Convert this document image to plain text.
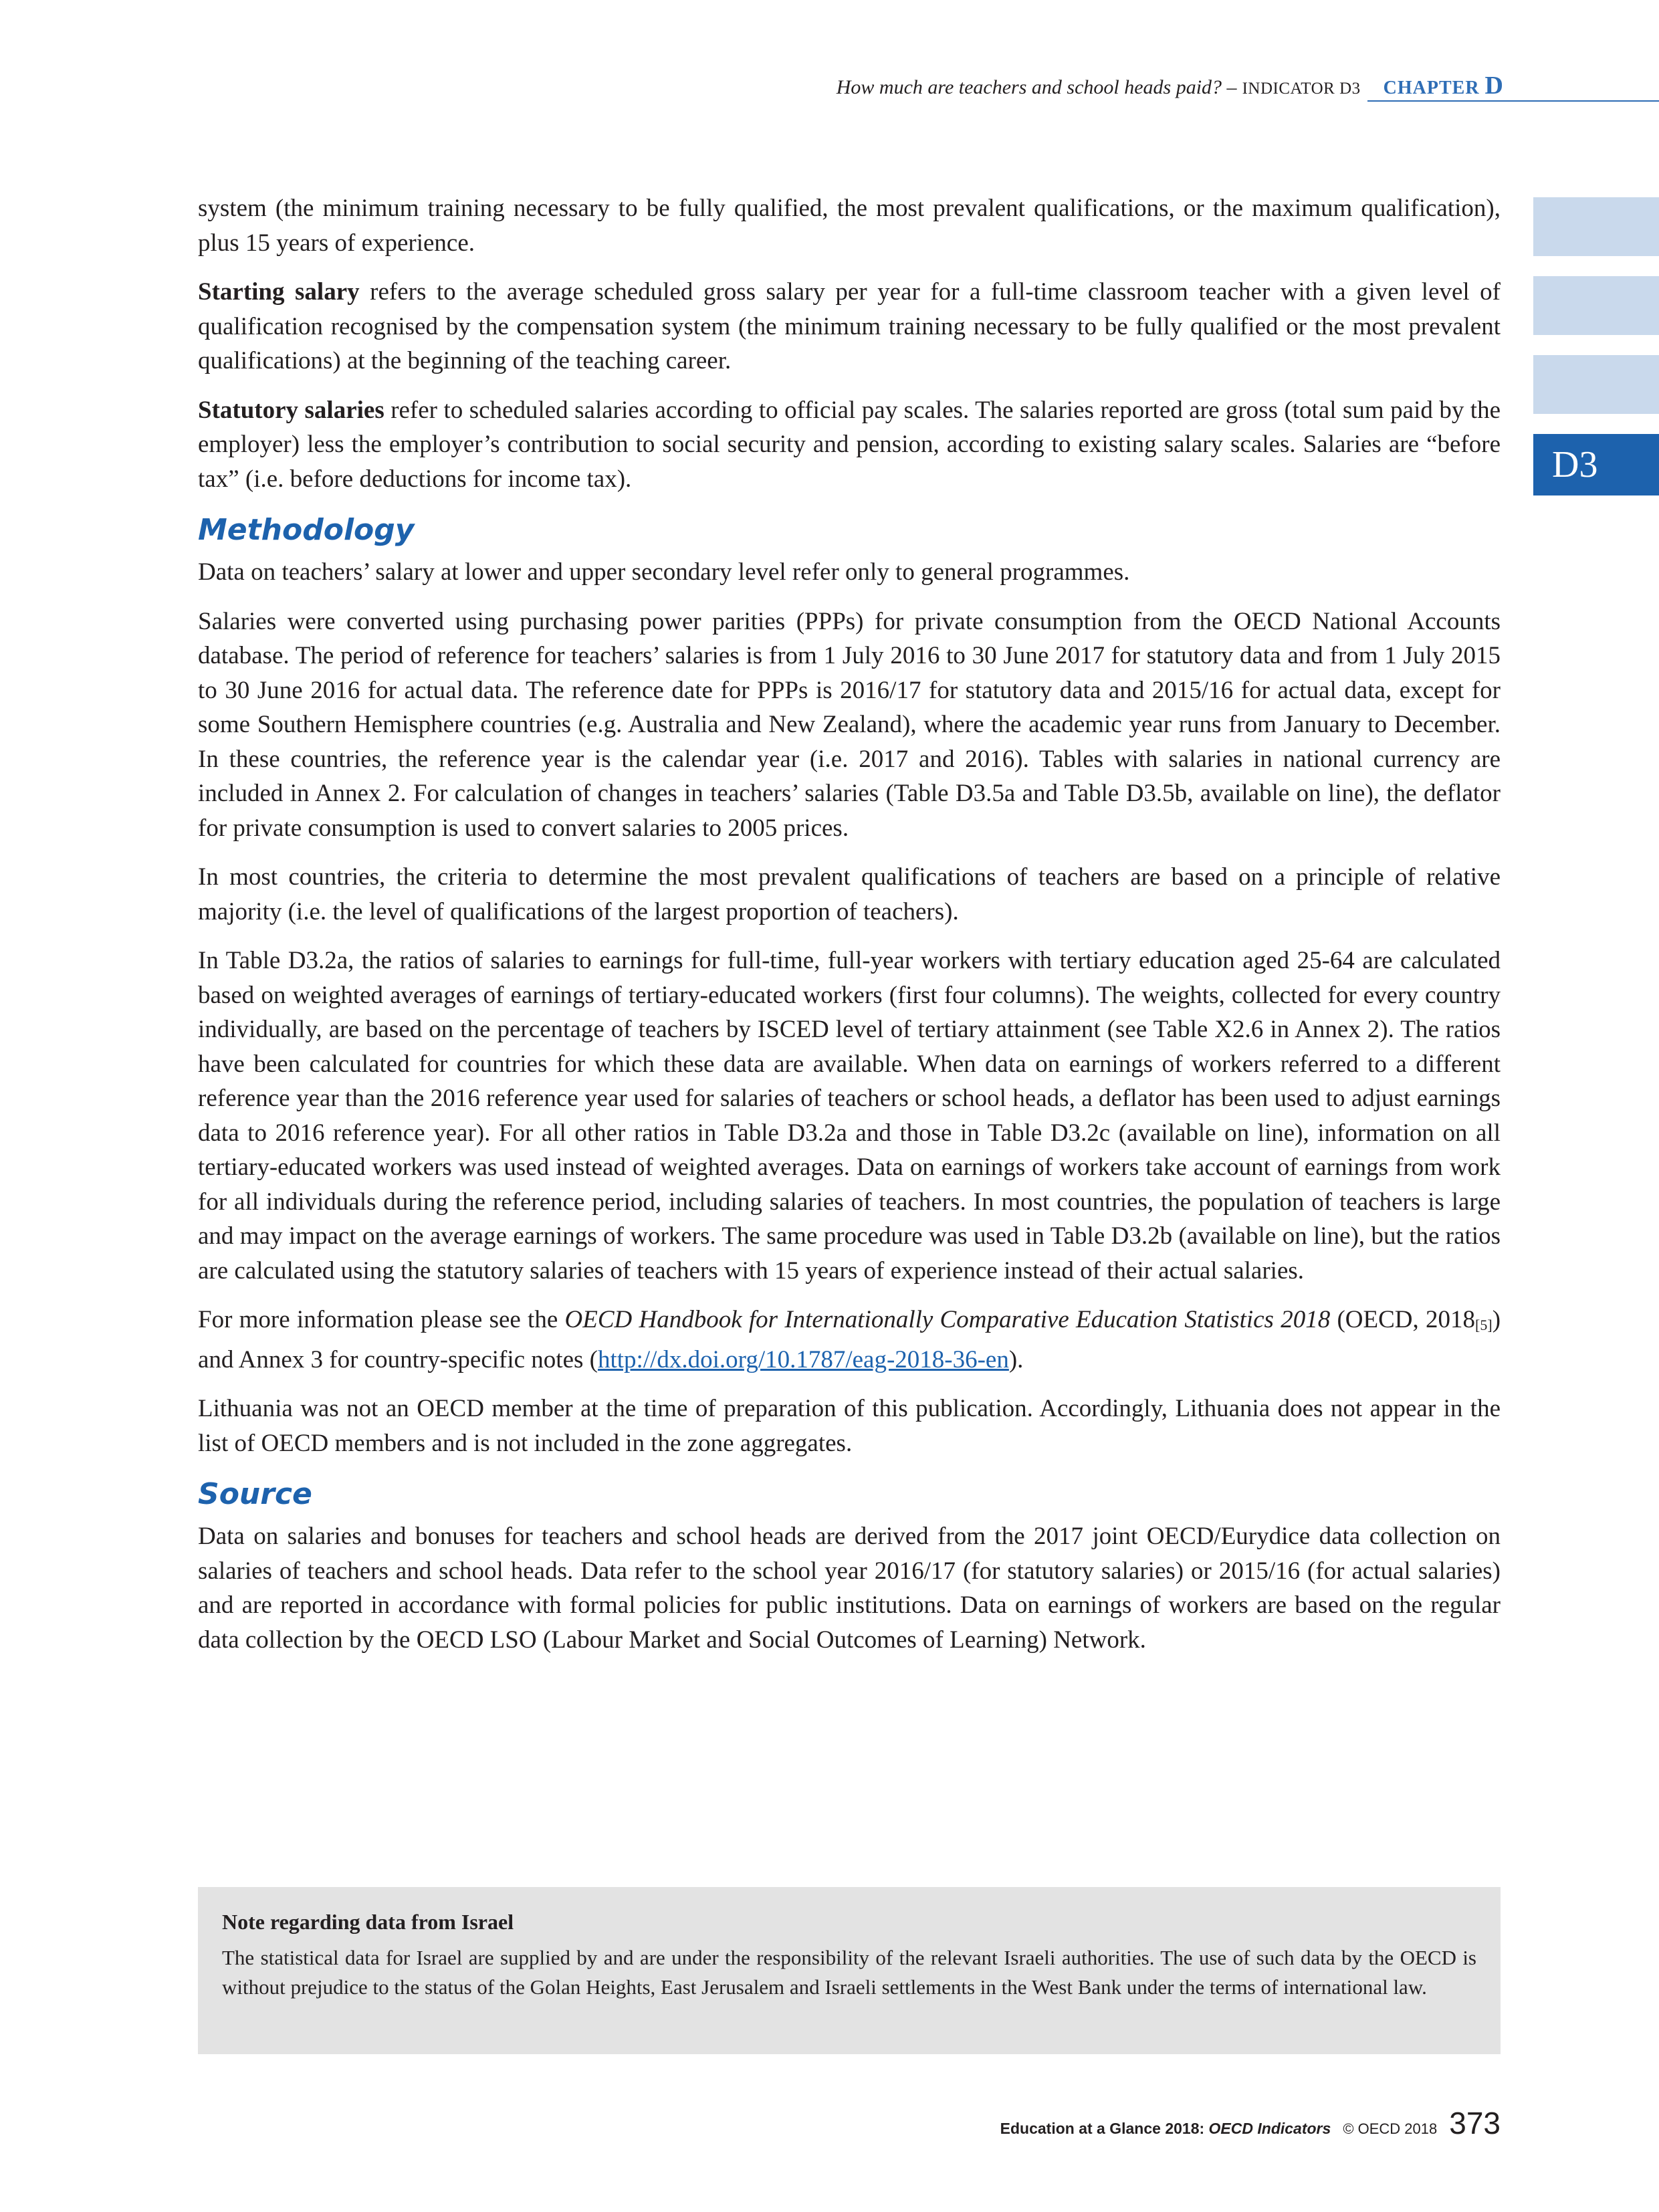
How much are teachers and school heads paid? – INDICATOR D3 CHAPTER D
D3

system (the minimum training necessary to be fully qualified, the most prevalent qualifications, or the maximum qualification), plus 15 years of experience.

Starting salary refers to the average scheduled gross salary per year for a full-time classroom teacher with a given level of qualification recognised by the compensation system (the minimum training necessary to be fully qualified or the most prevalent qualifications) at the beginning of the teaching career.

Statutory salaries refer to scheduled salaries according to official pay scales. The salaries reported are gross (total sum paid by the employer) less the employer’s contribution to social security and pension, according to existing salary scales. Salaries are “before tax” (i.e. before deductions for income tax).

Methodology

Data on teachers’ salary at lower and upper secondary level refer only to general programmes.

Salaries were converted using purchasing power parities (PPPs) for private consumption from the OECD National Accounts database. The period of reference for teachers’ salaries is from 1 July 2016 to 30 June 2017 for statutory data and from 1 July 2015 to 30 June 2016 for actual data. The reference date for PPPs is 2016/17 for statutory data and 2015/16 for actual data, except for some Southern Hemisphere countries (e.g. Australia and New Zealand), where the academic year runs from January to December. In these countries, the reference year is the calendar year (i.e. 2017 and 2016). Tables with salaries in national currency are included in Annex 2. For calculation of changes in teachers’ salaries (Table D3.5a and Table D3.5b, available on line), the deflator for private consumption is used to convert salaries to 2005 prices.

In most countries, the criteria to determine the most prevalent qualifications of teachers are based on a principle of relative majority (i.e. the level of qualifications of the largest proportion of teachers).

In Table D3.2a, the ratios of salaries to earnings for full-time, full-year workers with tertiary education aged 25-64 are calculated based on weighted averages of earnings of tertiary-educated workers (first four columns). The weights, collected for every country individually, are based on the percentage of teachers by ISCED level of tertiary attainment (see Table X2.6 in Annex 2). The ratios have been calculated for countries for which these data are available. When data on earnings of workers referred to a different reference year than the 2016 reference year used for salaries of teachers or school heads, a deflator has been used to adjust earnings data to 2016 reference year). For all other ratios in Table D3.2a and those in Table D3.2c (available on line), information on all tertiary-educated workers was used instead of weighted averages. Data on earnings of workers take account of earnings from work for all individuals during the reference period, including salaries of teachers. In most countries, the population of teachers is large and may impact on the average earnings of workers. The same procedure was used in Table D3.2b (available on line), but the ratios are calculated using the statutory salaries of teachers with 15 years of experience instead of their actual salaries.

For more information please see the OECD Handbook for Internationally Comparative Education Statistics 2018 (OECD, $2018_{[5]}$) and Annex 3 for country-specific notes (http://dx.doi.org/10.1787/eag-2018-36-en).

Lithuania was not an OECD member at the time of preparation of this publication. Accordingly, Lithuania does not appear in the list of OECD members and is not included in the zone aggregates.

Source

Data on salaries and bonuses for teachers and school heads are derived from the 2017 joint OECD/Eurydice data collection on salaries of teachers and school heads. Data refer to the school year 2016/17 (for statutory salaries) or 2015/16 (for actual salaries) and are reported in accordance with formal policies for public institutions. Data on earnings of workers are based on the regular data collection by the OECD LSO (Labour Market and Social Outcomes of Learning) Network.

Note regarding data from Israel
The statistical data for Israel are supplied by and are under the responsibility of the relevant Israeli authorities. The use of such data by the OECD is without prejudice to the status of the Golan Heights, East Jerusalem and Israeli settlements in the West Bank under the terms of international law.
Education at a Glance 2018: OECD Indicators © OECD 2018 373
